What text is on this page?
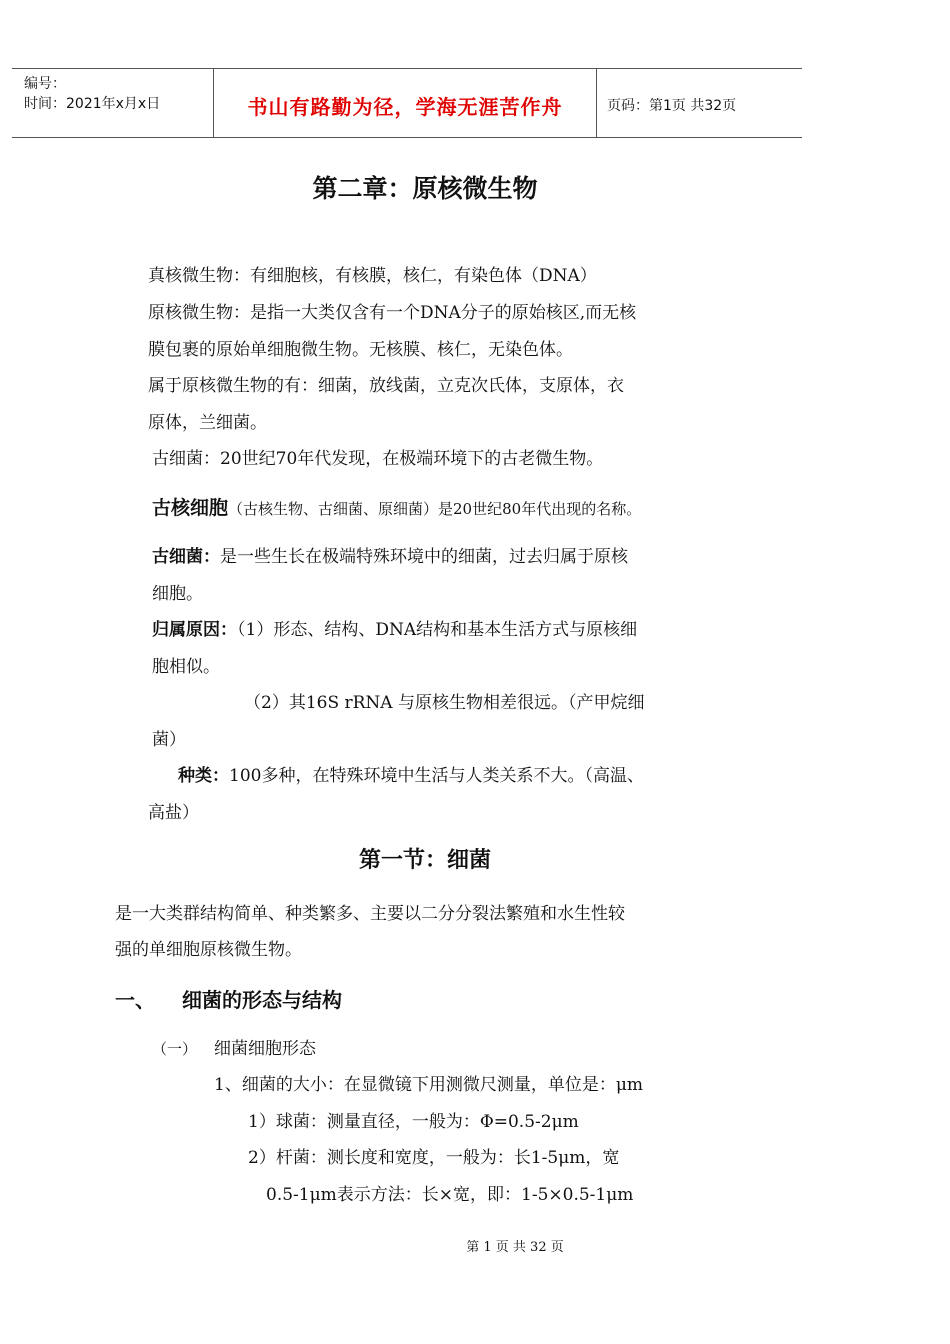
编号：
时间：2021年x月x日	书山有路勤为径，学海无涯苦作舟	页码：第1页 共32页
第二章：原核微生物
真核微生物：有细胞核，有核膜，核仁，有染色体（DNA）
原核微生物：是指一大类仅含有一个DNA分子的原始核区,而无核
膜包裹的原始单细胞微生物。无核膜、核仁，无染色体。
属于原核微生物的有：细菌，放线菌，立克次氏体，支原体，衣
原体，兰细菌。
古细菌：20世纪70年代发现，在极端环境下的古老微生物。
古核细胞（古核生物、古细菌、原细菌）是20世纪80年代出现的名称。
古细菌：是一些生长在极端特殊环境中的细菌，过去归属于原核
细胞。
归属原因：（1）形态、结构、DNA结构和基本生活方式与原核细
胞相似。
（2）其16S rRNA 与原核生物相差很远。（产甲烷细
菌）
种类：100多种，在特殊环境中生活与人类关系不大。（高温、
高盐）
第一节：细菌
是一大类群结构简单、种类繁多、主要以二分分裂法繁殖和水生性较
强的单细胞原核微生物。
一、 细菌的形态与结构
（一） 细菌细胞形态
1、细菌的大小：在显微镜下用测微尺测量，单位是：μm
1）球菌：测量直径，一般为：Φ=0.5-2μm
2）杆菌：测长度和宽度，一般为：长1-5μm，宽
0.5-1μm表示方法：长×宽，即：1-5×0.5-1μm
第 1 页 共 32 页
